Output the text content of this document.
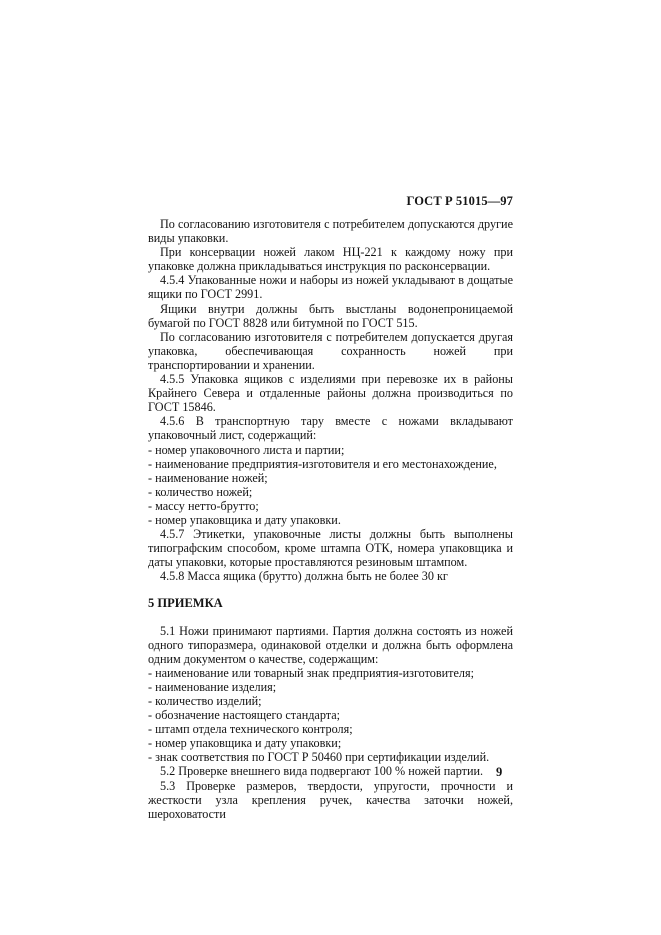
ГОСТ Р 51015—97

По согласованию изготовителя с потребителем допускаются другие виды упаковки.

При консервации ножей лаком НЦ-221 к каждому ножу при упаковке должна прикладываться инструкция по расконсервации.

4.5.4 Упакованные ножи и наборы из ножей укладывают в дощатые ящики по ГОСТ 2991.

Ящики внутри должны быть выстланы водонепроницаемой бумагой по ГОСТ 8828 или битумной по ГОСТ 515.

По согласованию изготовителя с потребителем допускается другая упаковка, обеспечивающая сохранность ножей при транспортировании и хранении.

4.5.5 Упаковка ящиков с изделиями при перевозке их в районы Крайнего Севера и отдаленные районы должна производиться по ГОСТ 15846.

4.5.6 В транспортную тару вместе с ножами вкладывают упаковочный лист, содержащий:

- номер упаковочного листа и партии;

- наименование предприятия-изготовителя и его местонахождение,

- наименование ножей;

- количество ножей;

- массу нетто-брутто;

- номер упаковщика и дату упаковки.

4.5.7 Этикетки, упаковочные листы должны быть выполнены типографским способом, кроме штампа ОТК, номера упаковщика и даты упаковки, которые проставляются резиновым штампом.

4.5.8 Масса ящика (брутто) должна быть не более 30 кг

5 ПРИЕМКА

5.1 Ножи принимают партиями. Партия должна состоять из ножей одного типоразмера, одинаковой отделки и должна быть оформлена одним документом о качестве, содержащим:

- наименование или товарный знак предприятия-изготовителя;

- наименование изделия;

- количество изделий;

- обозначение настоящего стандарта;

- штамп отдела технического контроля;

- номер упаковщика и дату упаковки;

- знак соответствия по ГОСТ Р 50460 при сертификации изделий.

5.2 Проверке внешнего вида подвергают 100 % ножей партии.

5.3 Проверке размеров, твердости, упругости, прочности и жесткости узла крепления ручек, качества заточки ножей, шероховатости

9
